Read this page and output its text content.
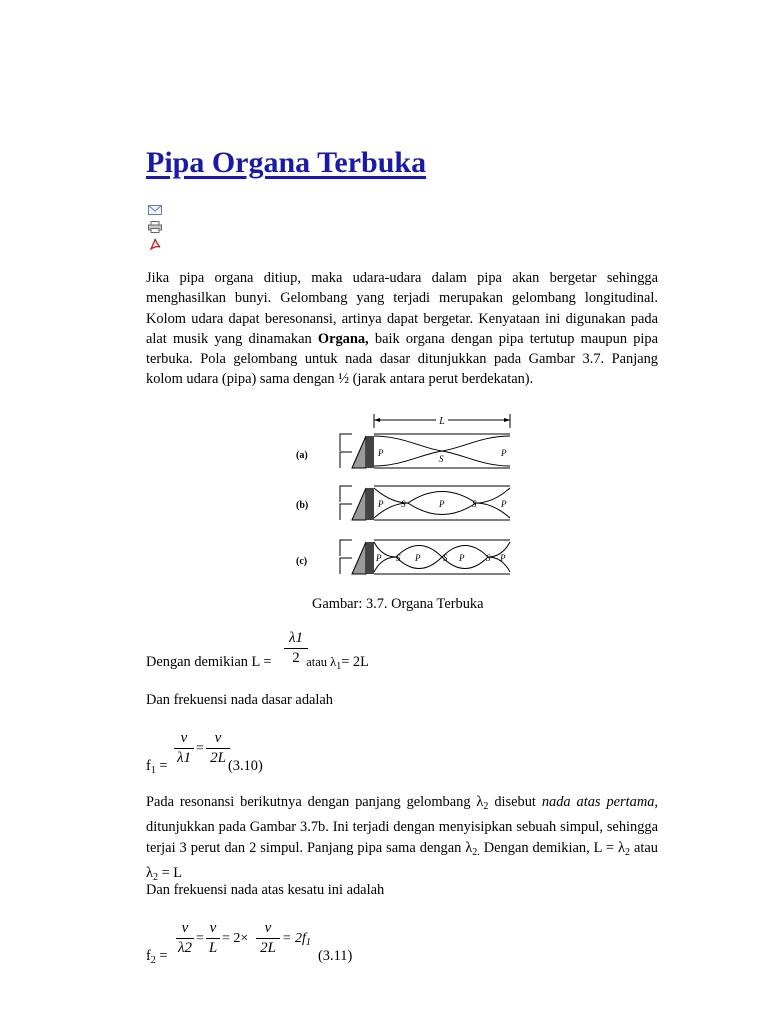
Pipa Organa Terbuka

Jika pipa organa ditiup, maka udara-udara dalam pipa akan bergetar sehingga menghasilkan bunyi. Gelombang yang terjadi merupakan gelombang longitudinal. Kolom udara dapat beresonansi, artinya dapat bergetar. Kenyataan ini digunakan pada alat musik yang dinamakan Organa, baik organa dengan pipa tertutup maupun pipa terbuka. Pola gelombang untuk nada dasar ditunjukkan pada Gambar 3.7. Panjang kolom udara (pipa) sama dengan ½ (jarak antara perut berdekatan).

L
(a)	P
S
P
(b)	P S	P	S	P
(c)	P S P	S P S P

Gambar: 3.7. Organa Terbuka

λ1
2

Dengan demikian L =  atau $\lambda_1= 2L$

Dan frekuensi nada dasar adalah

v
λ1
=
v
2L

$f_1$ =	(3.10)

Pada resonansi berikutnya dengan panjang gelombang $\lambda_2$ disebut nada atas pertama, ditunjukkan pada Gambar 3.7b. Ini terjadi dengan menyisipkan sebuah simpul, sehingga terjai 3 perut dan 2 simpul. Panjang pipa sama dengan $\lambda_{2.}$ Dengan demikian, $L = \lambda_2$ atau $\lambda_2 = L$

Dan frekuensi nada atas kesatu ini adalah

v
λ2
=
v
L
= 2×
v
2L
= $2f_1$

$f_2$ =	(3.11)
